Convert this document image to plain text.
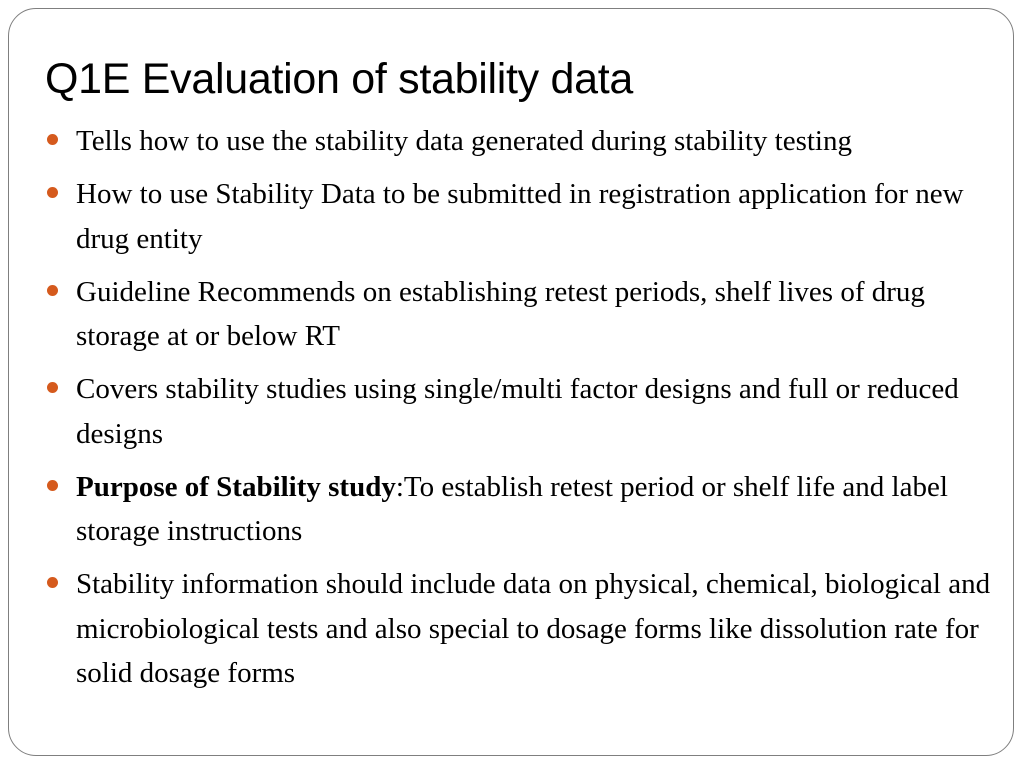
Q1E Evaluation of stability data
Tells how to use the stability data generated during stability testing
How to use Stability Data to be submitted in registration application for new drug entity
Guideline Recommends on establishing retest periods, shelf lives of drug storage at or below RT
Covers stability studies using single/multi factor designs and full or reduced designs
Purpose of Stability study:To establish retest period or shelf life and label storage instructions
Stability information should include data on physical, chemical, biological and microbiological tests and also special to dosage forms like dissolution rate for solid dosage forms
